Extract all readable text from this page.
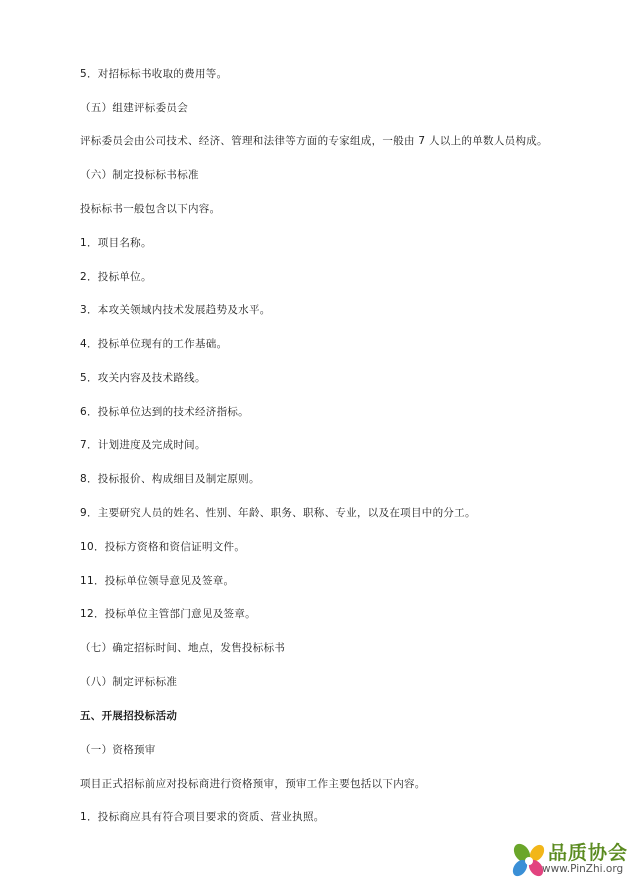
5．对招标标书收取的费用等。
（五）组建评标委员会
评标委员会由公司技术、经济、管理和法律等方面的专家组成，一般由 7 人以上的单数人员构成。
（六）制定投标标书标准
投标标书一般包含以下内容。
1．项目名称。
2．投标单位。
3．本攻关领域内技术发展趋势及水平。
4．投标单位现有的工作基础。
5．攻关内容及技术路线。
6．投标单位达到的技术经济指标。
7．计划进度及完成时间。
8．投标报价、构成细目及制定原则。
9．主要研究人员的姓名、性别、年龄、职务、职称、专业，以及在项目中的分工。
10．投标方资格和资信证明文件。
11．投标单位领导意见及签章。
12．投标单位主管部门意见及签章。
（七）确定招标时间、地点，发售投标标书
（八）制定评标标准
五、开展招投标活动
（一）资格预审
项目正式招标前应对投标商进行资格预审，预审工作主要包括以下内容。
1．投标商应具有符合项目要求的资质、营业执照。
品质协会
www.PinZhi.org
